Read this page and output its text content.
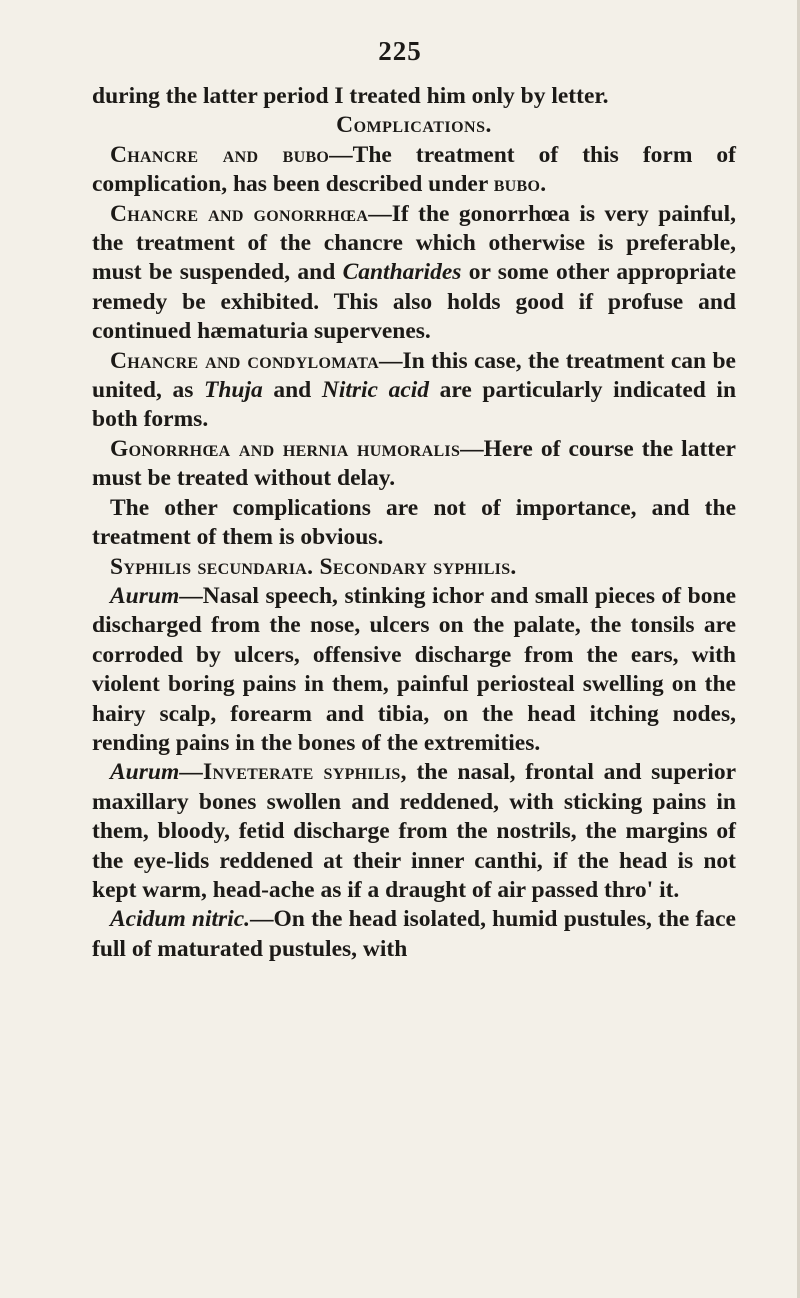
225

during the latter period I treated him only by letter.

Complications.

Chancre and bubo—The treatment of this form of complication, has been described under bubo.

Chancre and gonorrhœa—If the gonorrhœa is very painful, the treatment of the chancre which otherwise is preferable, must be suspended, and Cantharides or some other appropriate remedy be exhibited. This also holds good if profuse and continued hæmaturia supervenes.

Chancre and condylomata—In this case, the treatment can be united, as Thuja and Nitric acid are particularly indicated in both forms.

Gonorrhœa and hernia humoralis—Here of course the latter must be treated without delay.

The other complications are not of importance, and the treatment of them is obvious.

Syphilis secundaria. Secondary syphilis.

Aurum—Nasal speech, stinking ichor and small pieces of bone discharged from the nose, ulcers on the palate, the tonsils are corroded by ulcers, offensive discharge from the ears, with violent boring pains in them, painful periosteal swelling on the hairy scalp, forearm and tibia, on the head itching nodes, rending pains in the bones of the extremities.

Aurum—Inveterate syphilis, the nasal, frontal and superior maxillary bones swollen and reddened, with sticking pains in them, bloody, fetid discharge from the nostrils, the margins of the eye-lids reddened at their inner canthi, if the head is not kept warm, head-ache as if a draught of air passed thro' it.

Acidum nitric.—On the head isolated, humid pustules, the face full of maturated pustules, with
